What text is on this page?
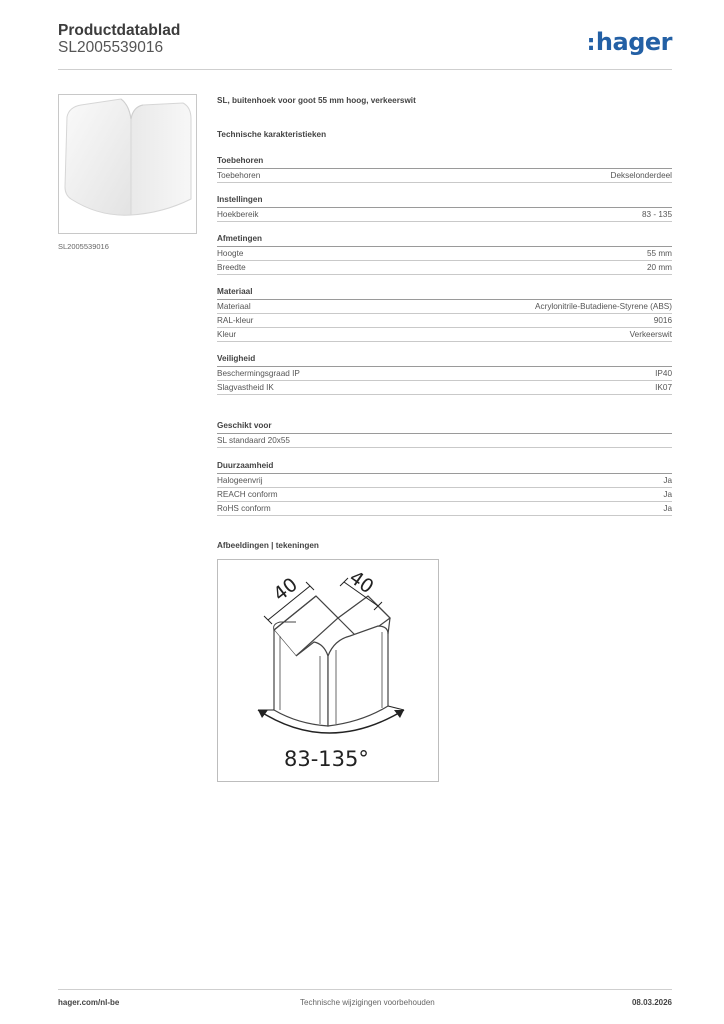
Productdatablad
SL2005539016	:hager
SL2005539016
SL, buitenhoek voor goot 55 mm hoog, verkeerswit
Technische karakteristieken
Toebehoren
Toebehoren	Dekselonderdeel
Instellingen
Hoekbereik	83 - 135
Afmetingen
Hoogte	55 mm
Breedte	20 mm
Materiaal
Materiaal	Acrylonitrile-Butadiene-Styrene (ABS)
RAL-kleur	9016
Kleur	Verkeerswit
Veiligheid
Beschermingsgraad IP	IP40
Slagvastheid IK	IK07
Geschikt voor
SL standaard 20x55
Duurzaamheid
Halogeenvrij	Ja
REACH conform	Ja
RoHS conform	Ja
Afbeeldingen | tekeningen
40 40
83-135°
hager.com/nl-be	Technische wijzigingen voorbehouden	08.03.2026
